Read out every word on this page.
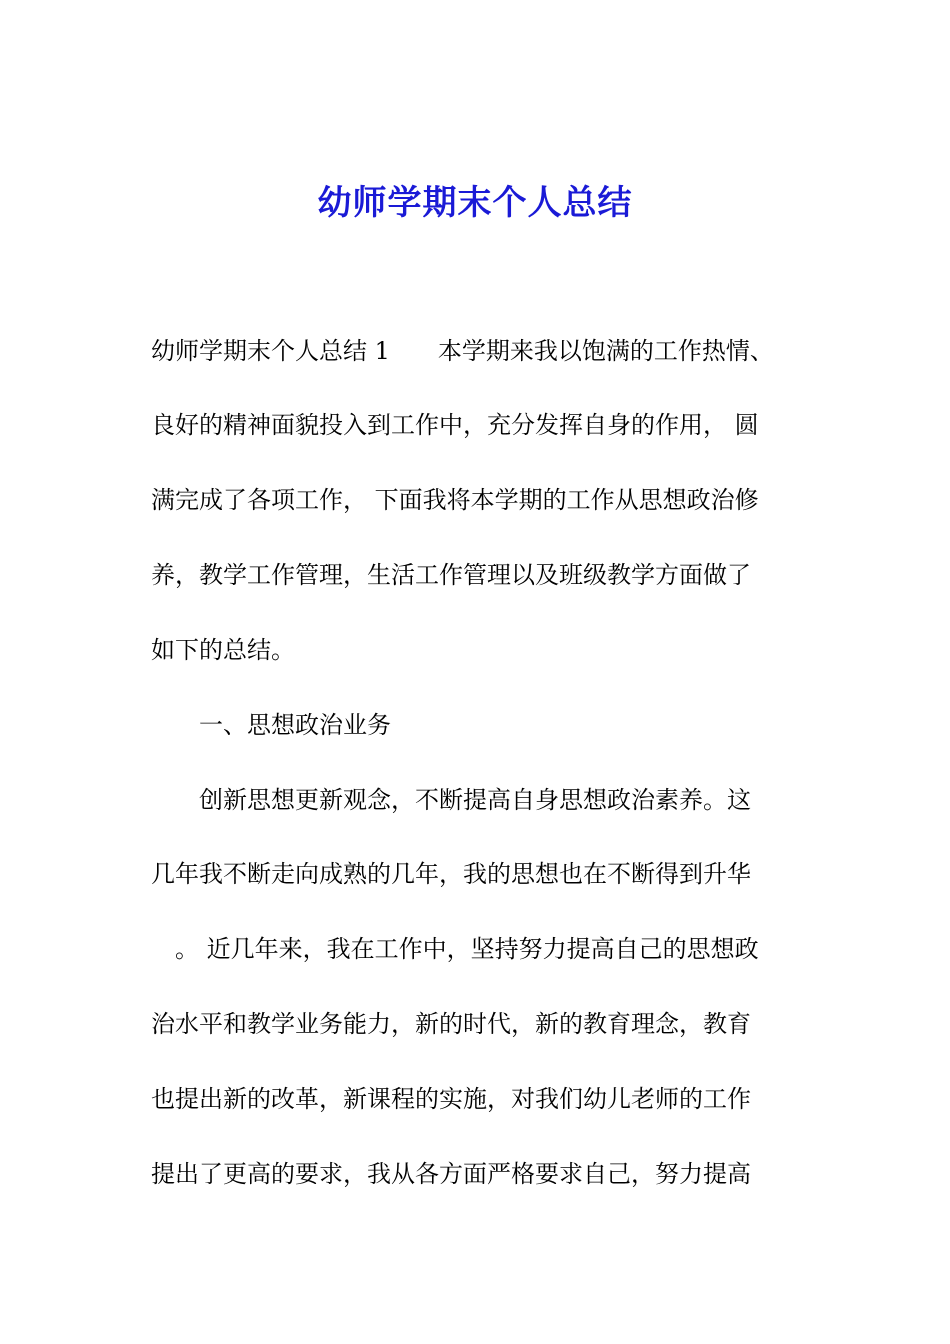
幼师学期末个人总结
幼师学期末个人总结 1　　本学期来我以饱满的工作热情、
良好的精神面貌投入到工作中，充分发挥自身的作用， 圆
满完成了各项工作， 下面我将本学期的工作从思想政治修
养，教学工作管理，生活工作管理以及班级教学方面做了
如下的总结。
　　一、思想政治业务
　　创新思想更新观念，不断提高自身思想政治素养。这
几年我不断走向成熟的几年，我的思想也在不断得到升华
　。 近几年来，我在工作中，坚持努力提高自己的思想政
治水平和教学业务能力，新的时代，新的教育理念，教育
也提出新的改革，新课程的实施，对我们幼儿老师的工作
提出了更高的要求，我从各方面严格要求自己，努力提高
